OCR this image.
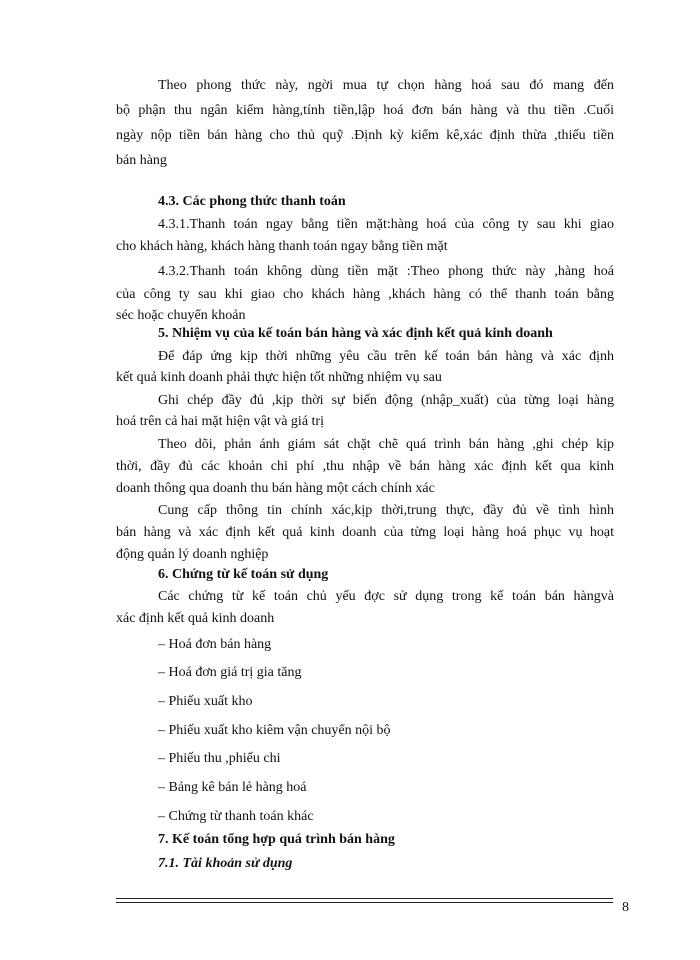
Theo phong thức này, ngời mua tự chọn hàng hoá sau đó mang đến
bộ phận thu ngân kiểm hàng,tính tiền,lập hoá đơn bán hàng và thu tiền .Cuối
ngày nộp tiền bán hàng cho thủ quỹ .Định kỳ kiểm kê,xác định thừa ,thiếu tiền
bán hàng
4.3. Các phong thức thanh toán
4.3.1.Thanh toán ngay bằng tiền mặt:hàng hoá của công ty sau khi giao
cho khách hàng, khách hàng thanh toán ngay bằng tiền mặt
4.3.2.Thanh toán không dùng tiền mặt :Theo phong thức này ,hàng hoá
của công ty sau khi giao cho khách hàng ,khách hàng có thể thanh toán bằng
séc hoặc chuyển khoản
5. Nhiệm vụ của kế toán bán hàng và xác định kết quả kinh doanh
Để đáp ứng kịp thời những yêu cầu trên kế toán bán hàng và xác định
kết quả kinh doanh phải thực hiện tốt những nhiệm vụ sau
Ghi chép đầy đủ ,kịp thời sự biến động (nhập_xuất) của từng loại hàng
hoá trên cả hai mặt hiện vật và giá trị
Theo dõi, phản ánh giám sát chặt chẽ quá trình bán hàng ,ghi chép kịp
thời, đầy đủ các khoản chi phí ,thu nhập về bán hàng xác định kết qua kinh
doanh thông qua doanh thu bán hàng một cách chính xác
Cung cấp thông tin chính xác,kịp thời,trung thực, đầy đủ về tình hình
bán hàng và xác định kết quả kinh doanh của từng loại hàng hoá phục vụ hoạt
động quản lý doanh nghiệp
6. Chứng từ kế toán sử dụng
Các chứng từ kế toán chủ yếu đợc sử dụng trong kế toán bán hàngvà
xác định kết quả kinh doanh
– Hoá đơn bán hàng
– Hoá đơn giá trị gia tăng
– Phiếu xuất kho
– Phiếu xuất kho kiêm vận chuyển nội bộ
– Phiếu thu ,phiếu chi
– Bảng kê bán lẻ hàng hoá
– Chứng từ thanh toán khác
7. Kế toán tổng hợp quá trình bán hàng
7.1. Tài khoản sử dụng
8
